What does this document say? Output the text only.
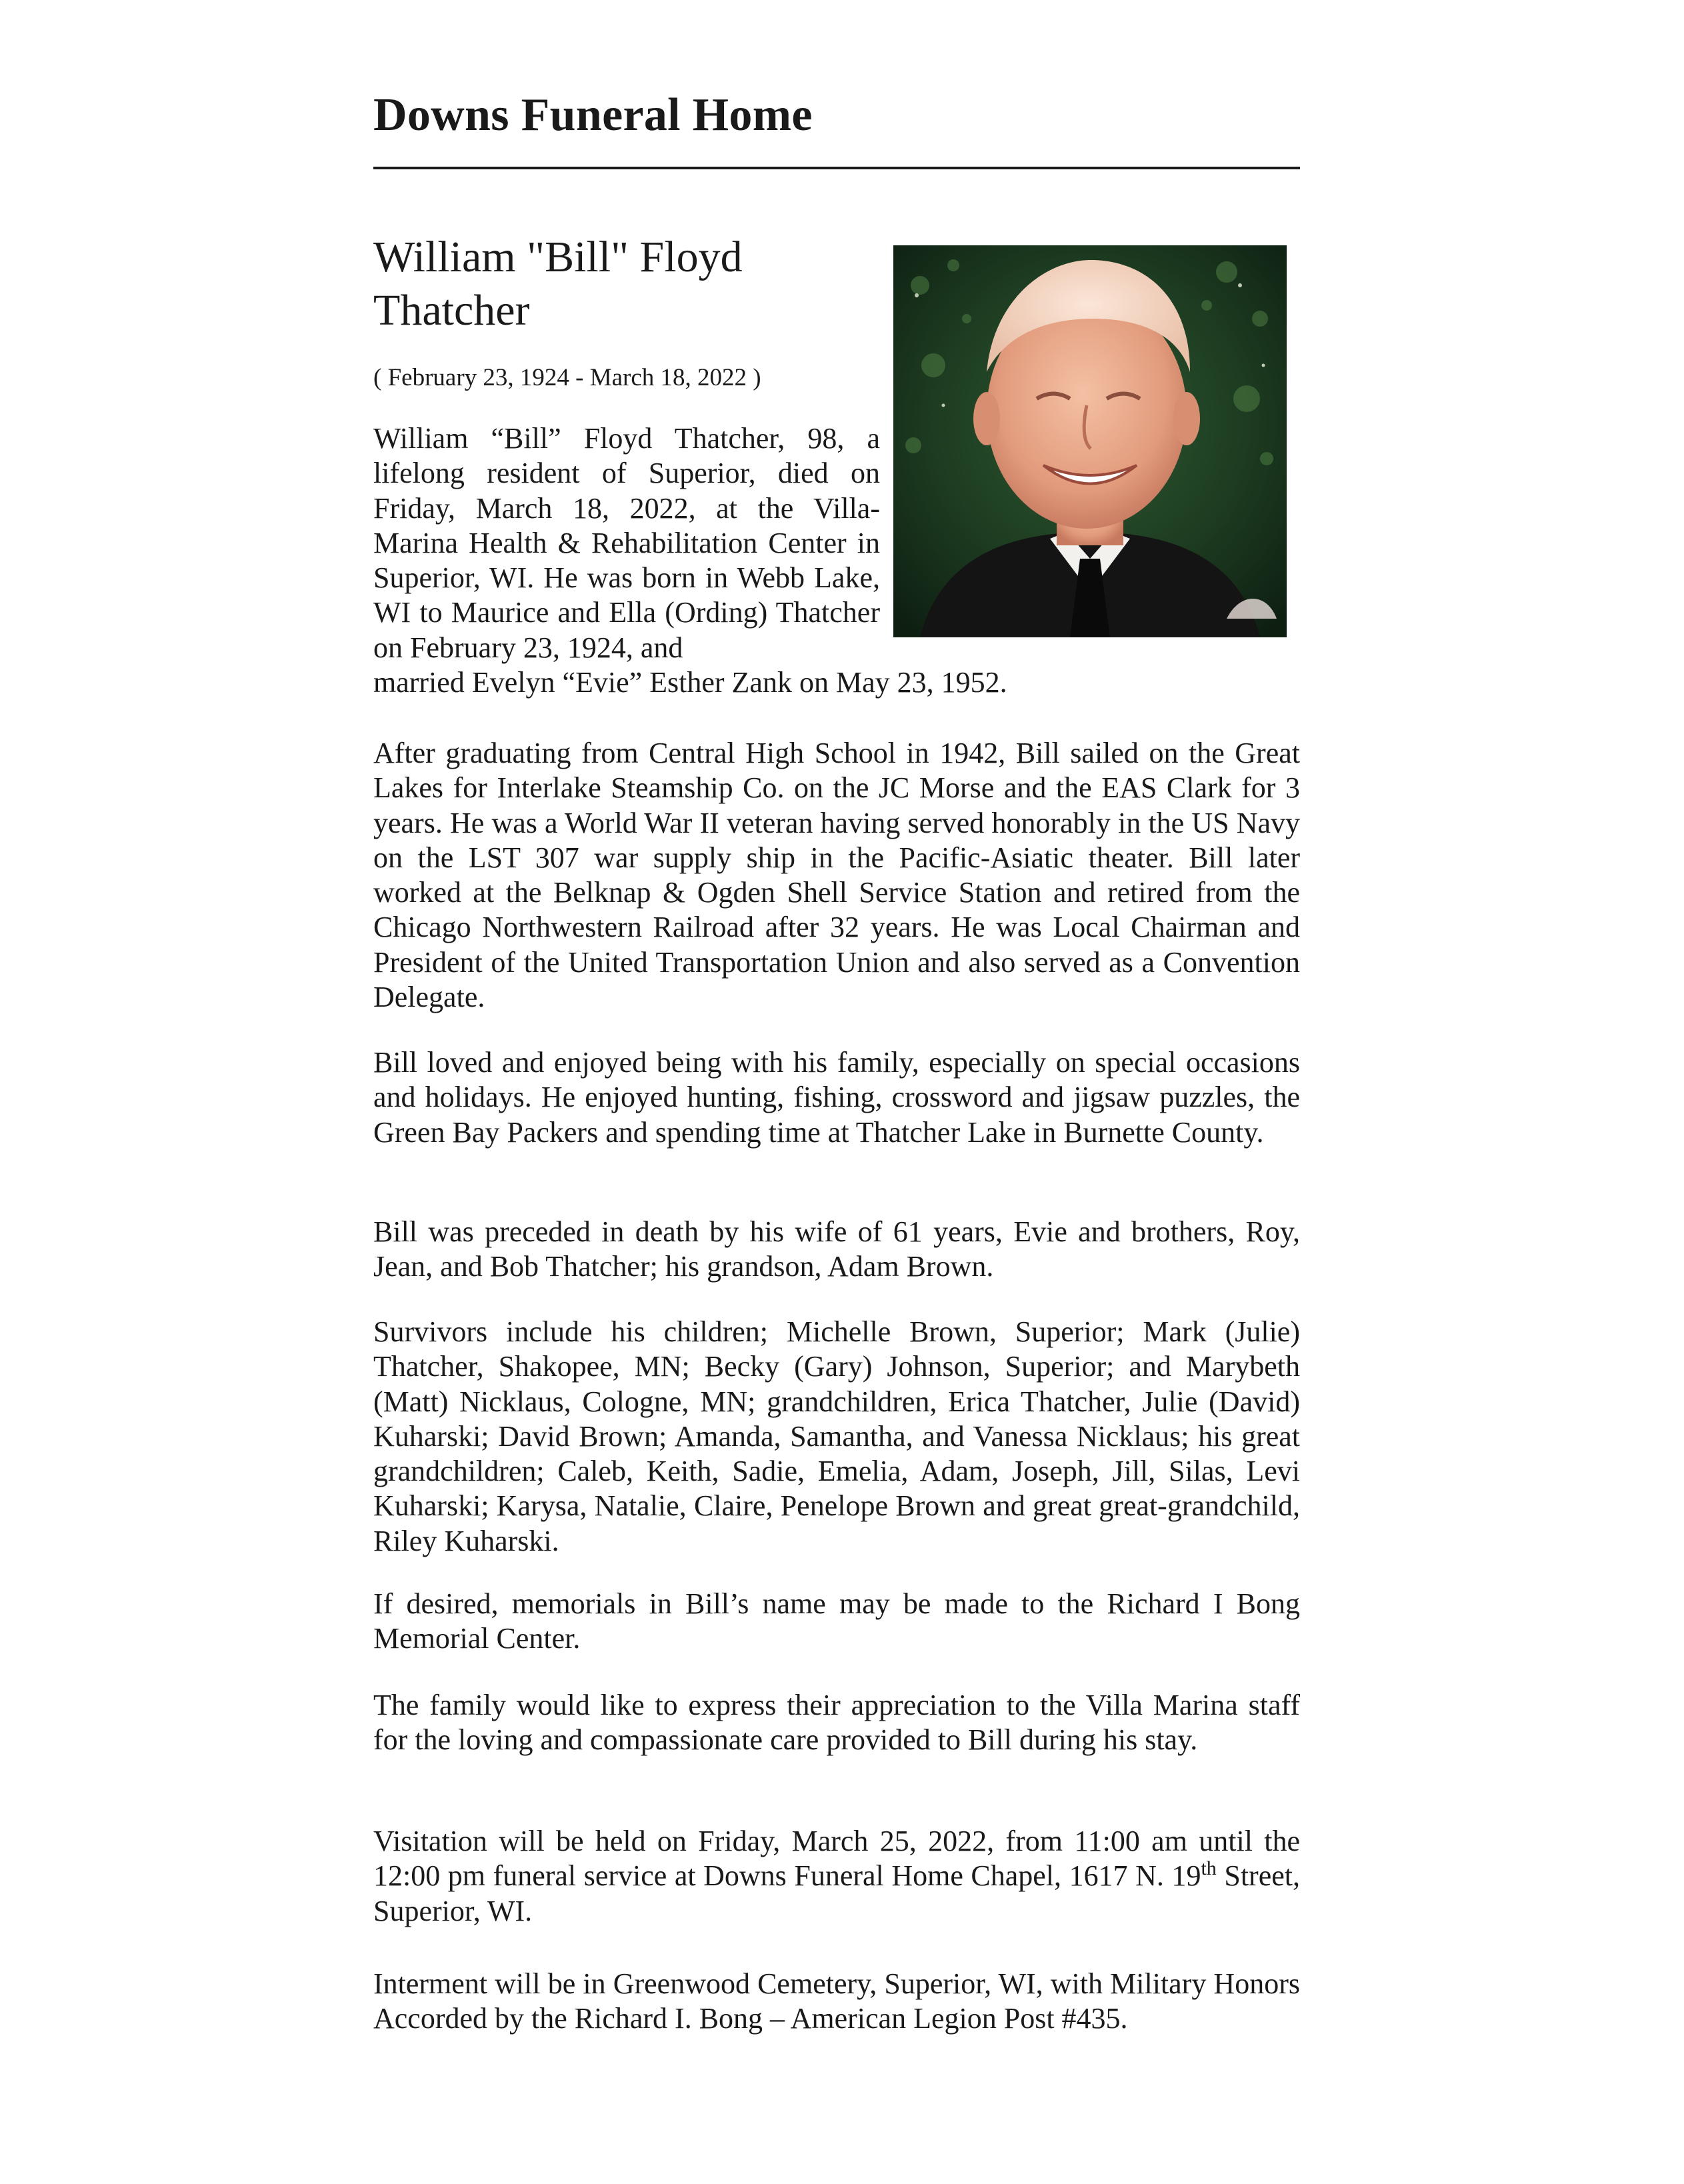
Downs Funeral Home
William "Bill" Floyd Thatcher
( February 23, 1924 - March 18, 2022 )

William “Bill” Floyd Thatcher, 98, a lifelong resident of Superior, died on Friday, March 18, 2022, at the Villa-Marina Health & Rehabilitation Center in Superior, WI. He was born in Webb Lake, WI to Maurice and Ella (Ording) Thatcher on February 23, 1924, and

married Evelyn “Evie” Esther Zank on May 23, 1952.

After graduating from Central High School in 1942, Bill sailed on the Great Lakes for Interlake Steamship Co. on the JC Morse and the EAS Clark for 3 years. He was a World War II veteran having served honorably in the US Navy on the LST 307 war supply ship in the Pacific-Asiatic theater. Bill later worked at the Belknap & Ogden Shell Service Station and retired from the Chicago Northwestern Railroad after 32 years. He was Local Chairman and President of the United Transportation Union and also served as a Convention Delegate.

Bill loved and enjoyed being with his family, especially on special occasions and holidays. He enjoyed hunting, fishing, crossword and jigsaw puzzles, the Green Bay Packers and spending time at Thatcher Lake in Burnette County.

Bill was preceded in death by his wife of 61 years, Evie and brothers, Roy, Jean, and Bob Thatcher; his grandson, Adam Brown.

Survivors include his children; Michelle Brown, Superior; Mark (Julie) Thatcher, Shakopee, MN; Becky (Gary) Johnson, Superior; and Marybeth (Matt) Nicklaus, Cologne, MN; grandchildren, Erica Thatcher, Julie (David) Kuharski; David Brown; Amanda, Samantha, and Vanessa Nicklaus; his great grandchildren; Caleb, Keith, Sadie, Emelia, Adam, Joseph, Jill, Silas, Levi Kuharski; Karysa, Natalie, Claire, Penelope Brown and great great-grandchild, Riley Kuharski.

If desired, memorials in Bill’s name may be made to the Richard I Bong Memorial Center.

The family would like to express their appreciation to the Villa Marina staff for the loving and compassionate care provided to Bill during his stay.

Visitation will be held on Friday, March 25, 2022, from 11:00 am until the 12:00 pm funeral service at Downs Funeral Home Chapel, 1617 N. 19th Street, Superior, WI.

Interment will be in Greenwood Cemetery, Superior, WI, with Military Honors Accorded by the Richard I. Bong – American Legion Post #435.
